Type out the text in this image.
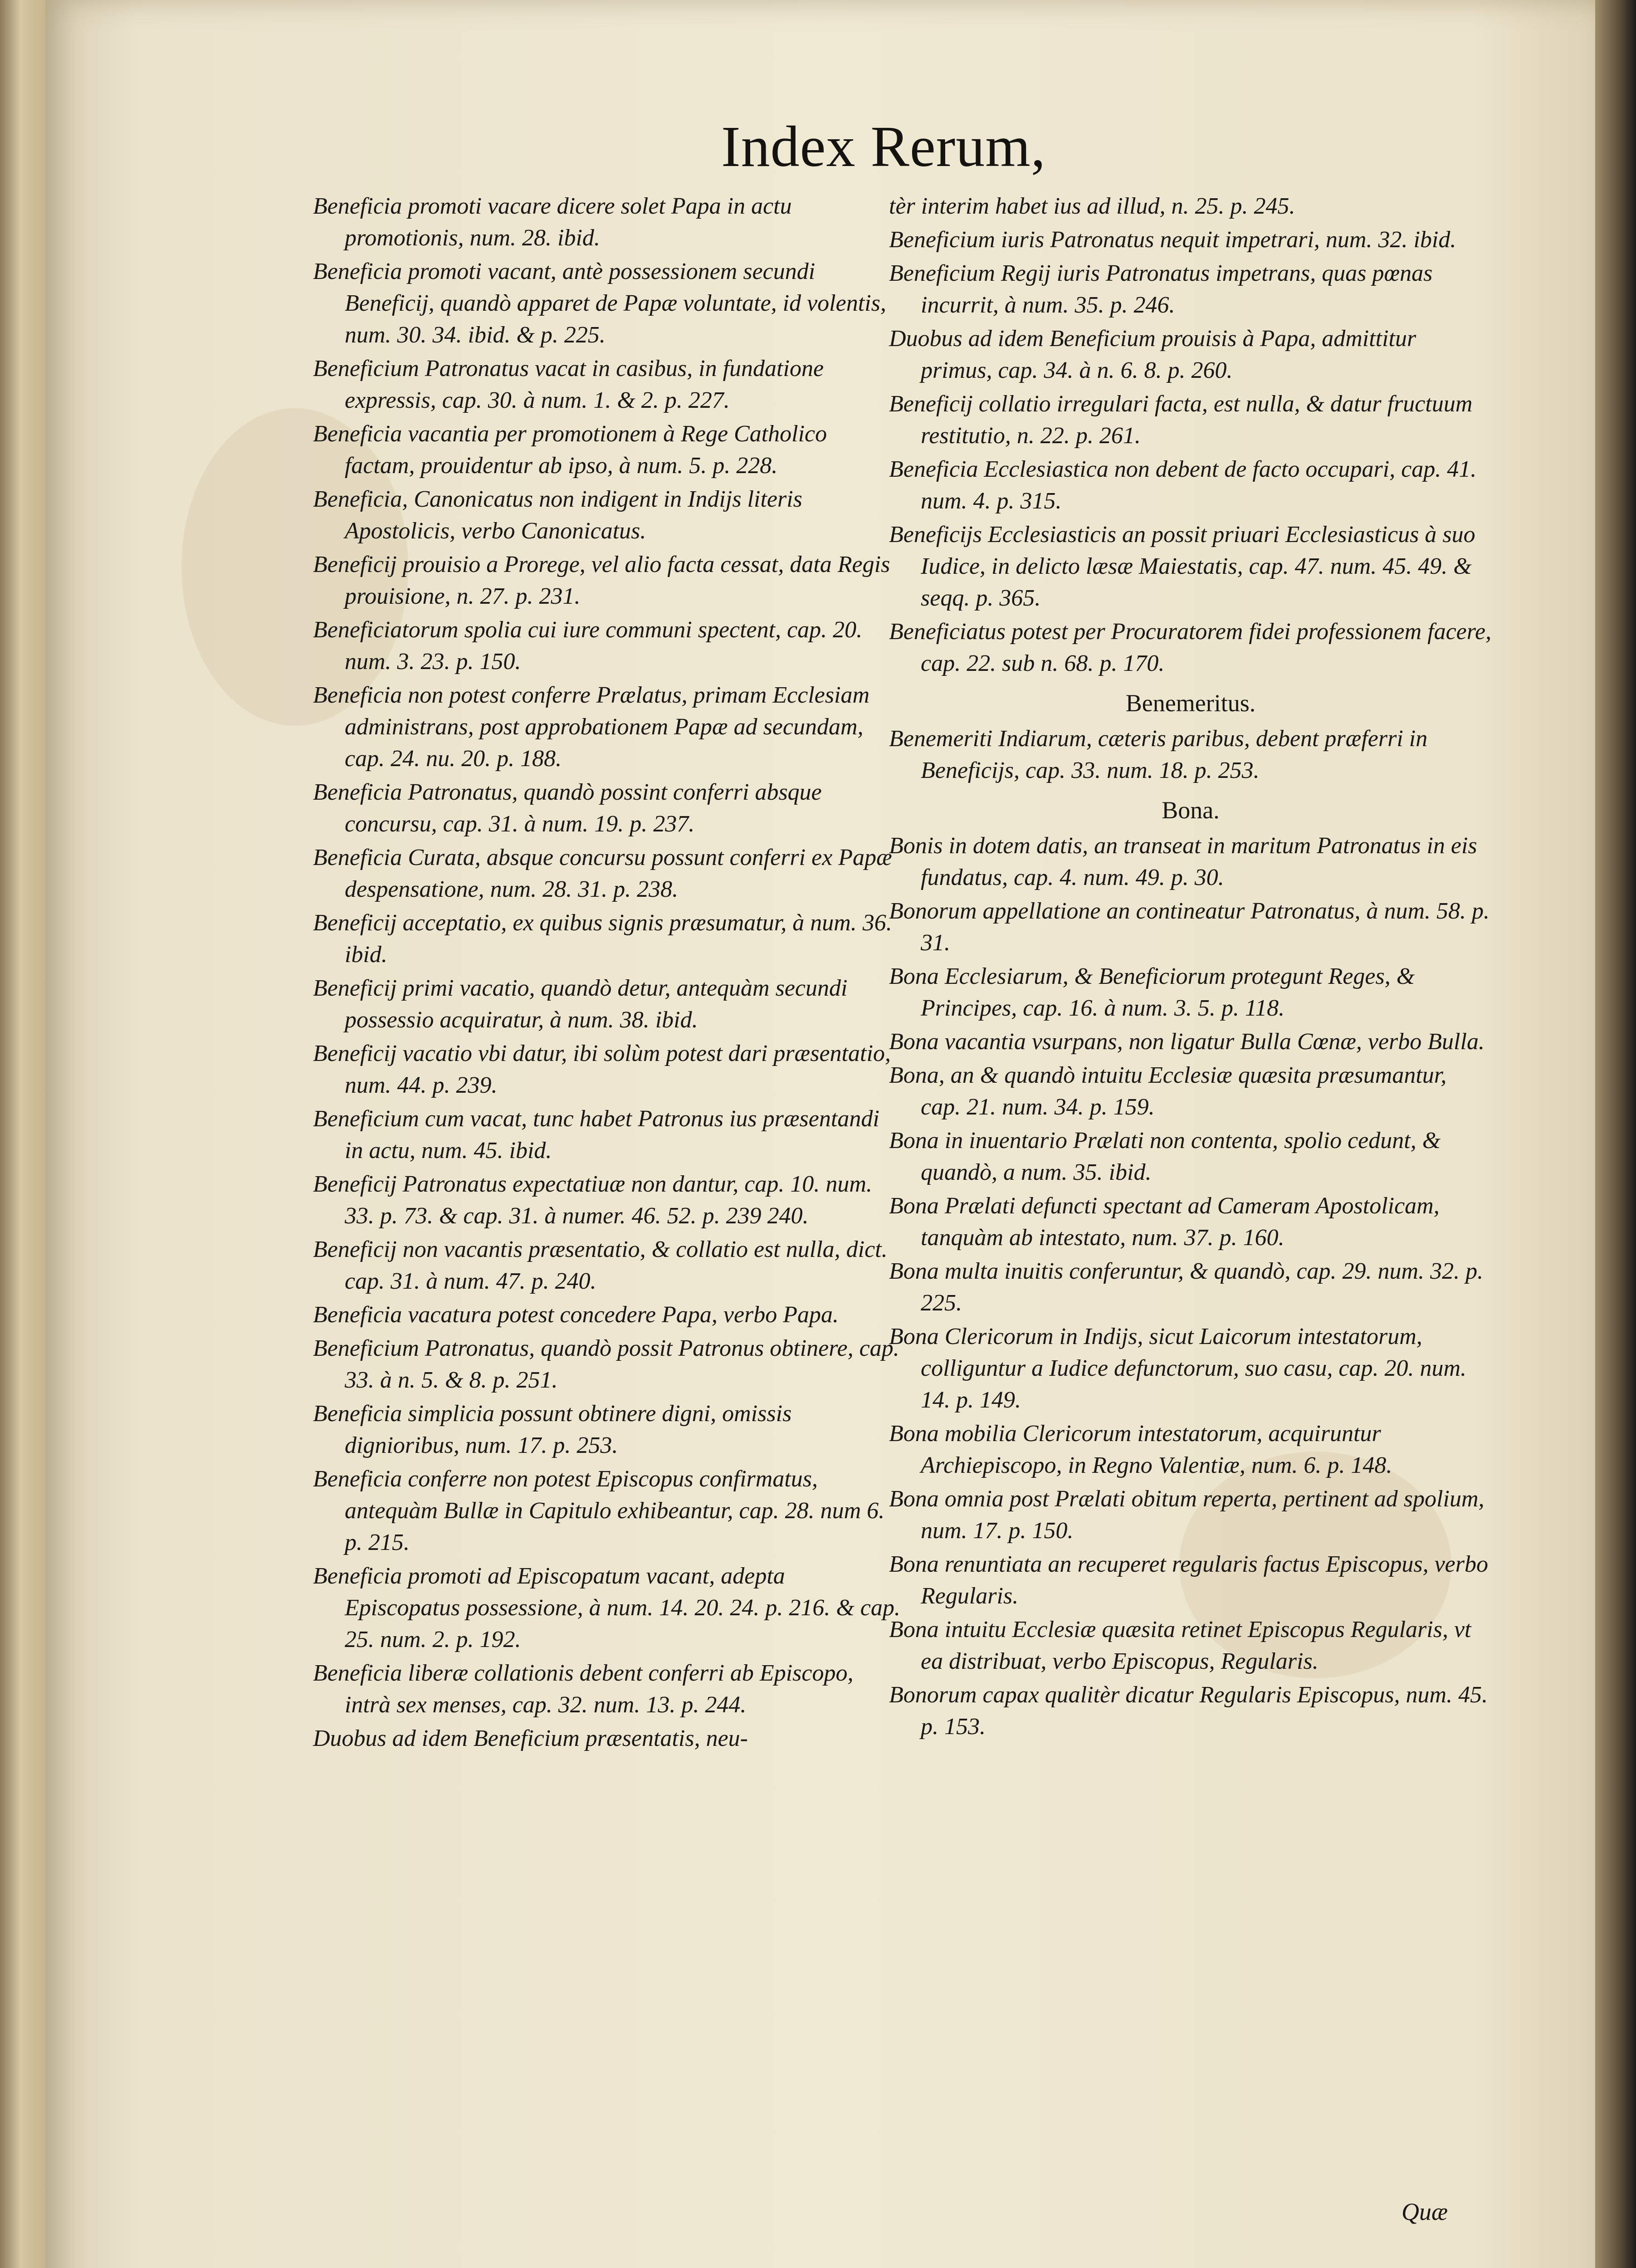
Index Rerum,
Beneficia promoti vacare dicere solet Papa in actu promotionis, num. 28. ibid.
Beneficia promoti vacant, antè possessionem secundi Beneficij, quandò apparet de Papæ voluntate, id volentis, num. 30. 34. ibid. & p. 225.
Beneficium Patronatus vacat in casibus, in fundatione expressis, cap. 30. à num. 1. & 2. p. 227.
Beneficia vacantia per promotionem à Rege Catholico factam, prouidentur ab ipso, à num. 5. p. 228.
Beneficia, Canonicatus non indigent in Indijs literis Apostolicis, verbo Canonicatus.
Beneficij prouisio a Prorege, vel alio facta cessat, data Regis prouisione, n. 27. p. 231.
Beneficiatorum spolia cui iure communi spectent, cap. 20. num. 3. 23. p. 150.
Beneficia non potest conferre Prælatus, primam Ecclesiam administrans, post approbationem Papæ ad secundam, cap. 24. nu. 20. p. 188.
Beneficia Patronatus, quandò possint conferri absque concursu, cap. 31. à num. 19. p. 237.
Beneficia Curata, absque concursu possunt conferri ex Papæ despensatione, num. 28. 31. p. 238.
Beneficij acceptatio, ex quibus signis præsumatur, à num. 36. ibid.
Beneficij primi vacatio, quandò detur, antequàm secundi possessio acquiratur, à num. 38. ibid.
Beneficij vacatio vbi datur, ibi solùm potest dari præsentatio, num. 44. p. 239.
Beneficium cum vacat, tunc habet Patronus ius præsentandi in actu, num. 45. ibid.
Beneficij Patronatus expectatiuæ non dantur, cap. 10. num. 33. p. 73. & cap. 31. à numer. 46. 52. p. 239 240.
Beneficij non vacantis præsentatio, & collatio est nulla, dict. cap. 31. à num. 47. p. 240.
Beneficia vacatura potest concedere Papa, verbo Papa.
Beneficium Patronatus, quandò possit Patronus obtinere, cap. 33. à n. 5. & 8. p. 251.
Beneficia simplicia possunt obtinere digni, omissis dignioribus, num. 17. p. 253.
Beneficia conferre non potest Episcopus confirmatus, antequàm Bullæ in Capitulo exhibeantur, cap. 28. num 6. p. 215.
Beneficia promoti ad Episcopatum vacant, adepta Episcopatus possessione, à num. 14. 20. 24. p. 216. & cap. 25. num. 2. p. 192.
Beneficia liberæ collationis debent conferri ab Episcopo, intrà sex menses, cap. 32. num. 13. p. 244.
Duobus ad idem Beneficium præsentatis, neu-
tèr interim habet ius ad illud, n. 25. p. 245.
Beneficium iuris Patronatus nequit impetrari, num. 32. ibid.
Beneficium Regij iuris Patronatus impetrans, quas pœnas incurrit, à num. 35. p. 246.
Duobus ad idem Beneficium prouisis à Papa, admittitur primus, cap. 34. à n. 6. 8. p. 260.
Beneficij collatio irregulari facta, est nulla, & datur fructuum restitutio, n. 22. p. 261.
Beneficia Ecclesiastica non debent de facto occupari, cap. 41. num. 4. p. 315.
Beneficijs Ecclesiasticis an possit priuari Ecclesiasticus à suo Iudice, in delicto læsæ Maiestatis, cap. 47. num. 45. 49. & seqq. p. 365.
Beneficiatus potest per Procuratorem fidei professionem facere, cap. 22. sub n. 68. p. 170.
Benemeritus.
Benemeriti Indiarum, cæteris paribus, debent præferri in Beneficijs, cap. 33. num. 18. p. 253.
Bona.
Bonis in dotem datis, an transeat in maritum Patronatus in eis fundatus, cap. 4. num. 49. p. 30.
Bonorum appellatione an contineatur Patronatus, à num. 58. p. 31.
Bona Ecclesiarum, & Beneficiorum protegunt Reges, & Principes, cap. 16. à num. 3. 5. p. 118.
Bona vacantia vsurpans, non ligatur Bulla Cœnæ, verbo Bulla.
Bona, an & quandò intuitu Ecclesiæ quæsita præsumantur, cap. 21. num. 34. p. 159.
Bona in inuentario Prælati non contenta, spolio cedunt, & quandò, a num. 35. ibid.
Bona Prælati defuncti spectant ad Cameram Apostolicam, tanquàm ab intestato, num. 37. p. 160.
Bona multa inuitis conferuntur, & quandò, cap. 29. num. 32. p. 225.
Bona Clericorum in Indijs, sicut Laicorum intestatorum, colliguntur a Iudice defunctorum, suo casu, cap. 20. num. 14. p. 149.
Bona mobilia Clericorum intestatorum, acquiruntur Archiepiscopo, in Regno Valentiæ, num. 6. p. 148.
Bona omnia post Prælati obitum reperta, pertinent ad spolium, num. 17. p. 150.
Bona renuntiata an recuperet regularis factus Episcopus, verbo Regularis.
Bona intuitu Ecclesiæ quæsita retinet Episcopus Regularis, vt ea distribuat, verbo Episcopus, Regularis.
Bonorum capax qualitèr dicatur Regularis Episcopus, num. 45. p. 153.
Quæ
